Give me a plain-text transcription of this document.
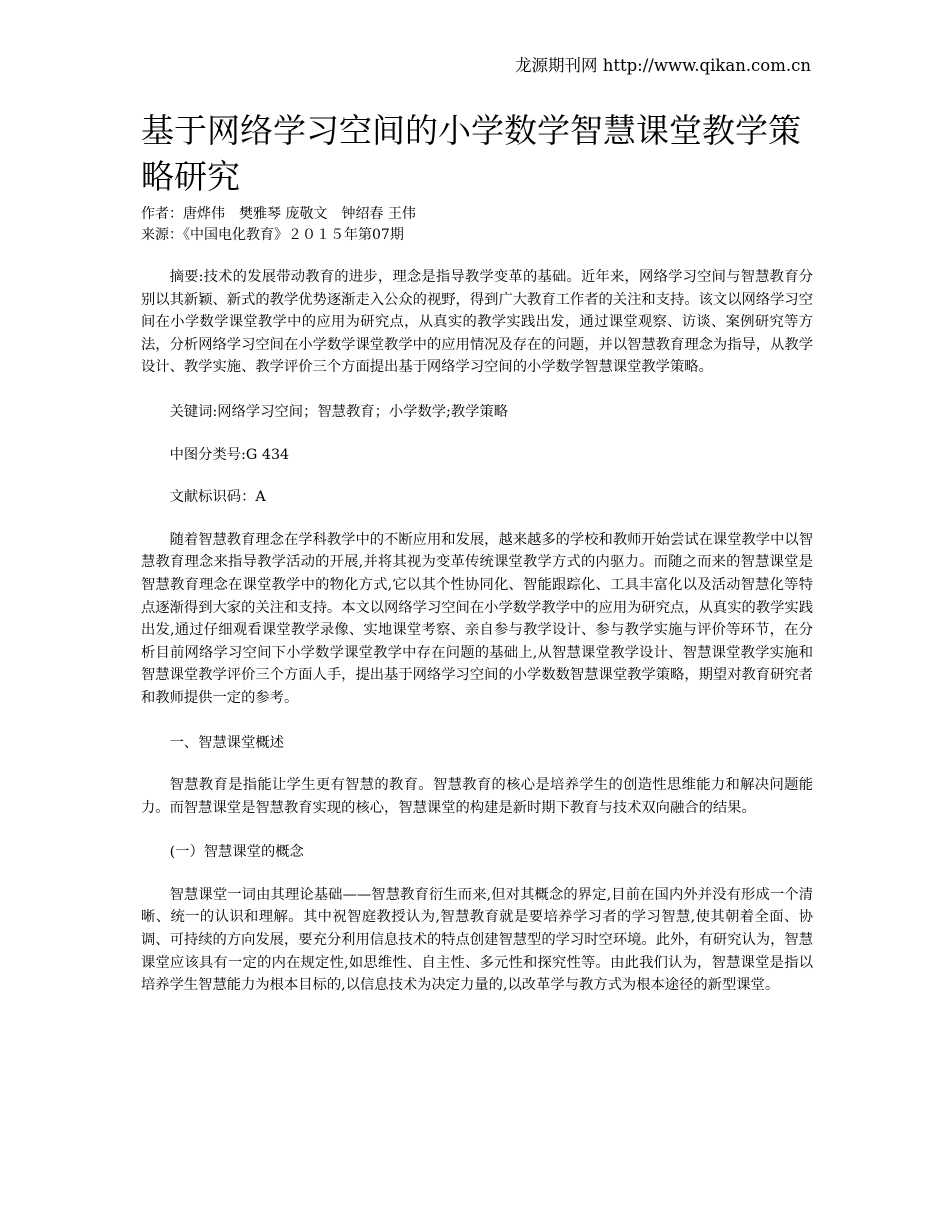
龙源期刊网 http://www.qikan.com.cn
基于网络学习空间的小学数学智慧课堂教学策略研究
作者：唐烨伟　樊雅琴 庞敬文　钟绍春 王伟
来源：《中国电化教育》２０１５年第07期

摘要:技术的发展带动教育的进步，理念是指导教学变革的基础。近年来，网络学习空间与智慧教育分别以其新颖、新式的教学优势逐渐走入公众的视野，得到广大教育工作者的关注和支持。该文以网络学习空间在小学数学课堂教学中的应用为研究点，从真实的教学实践出发，通过课堂观察、访谈、案例研究等方法，分析网络学习空间在小学数学课堂教学中的应用情况及存在的问题，并以智慧教育理念为指导，从教学设计、教学实施、教学评价三个方面提出基于网络学习空间的小学数学智慧课堂教学策略。

关键词:网络学习空间；智慧教育；小学数学;教学策略

中图分类号:G 434

文献标识码：A

随着智慧教育理念在学科教学中的不断应用和发展，越来越多的学校和教师开始尝试在课堂教学中以智慧教育理念来指导教学活动的开展,并将其视为变革传统课堂教学方式的内驱力。而随之而来的智慧课堂是智慧教育理念在课堂教学中的物化方式,它以其个性协同化、智能跟踪化、工具丰富化以及活动智慧化等特点逐渐得到大家的关注和支持。本文以网络学习空间在小学数学教学中的应用为研究点，从真实的教学实践出发,通过仔细观看课堂教学录像、实地课堂考察、亲自参与教学设计、参与教学实施与评价等环节，在分析目前网络学习空间下小学数学课堂教学中存在问题的基础上,从智慧课堂教学设计、智慧课堂教学实施和智慧课堂教学评价三个方面人手，提出基于网络学习空间的小学数数智慧课堂教学策略，期望对教育研究者和教师提供一定的参考。

一、智慧课堂概述

智慧教育是指能让学生更有智慧的教育。智慧教育的核心是培养学生的创造性思维能力和解决问题能力。而智慧课堂是智慧教育实现的核心，智慧课堂的构建是新时期下教育与技术双向融合的结果。

(一）智慧课堂的概念

智慧课堂一词由其理论基础——智慧教育衍生而来,但对其概念的界定,目前在国内外并没有形成一个清晰、统一的认识和理解。其中祝智庭教授认为,智慧教育就是要培养学习者的学习智慧,使其朝着全面、协调、可持续的方向发展，要充分利用信息技术的特点创建智慧型的学习时空环境。此外，有研究认为，智慧课堂应该具有一定的内在规定性,如思维性、自主性、多元性和探究性等。由此我们认为，智慧课堂是指以培养学生智慧能力为根本目标的,以信息技术为决定力量的,以改革学与教方式为根本途径的新型课堂。
